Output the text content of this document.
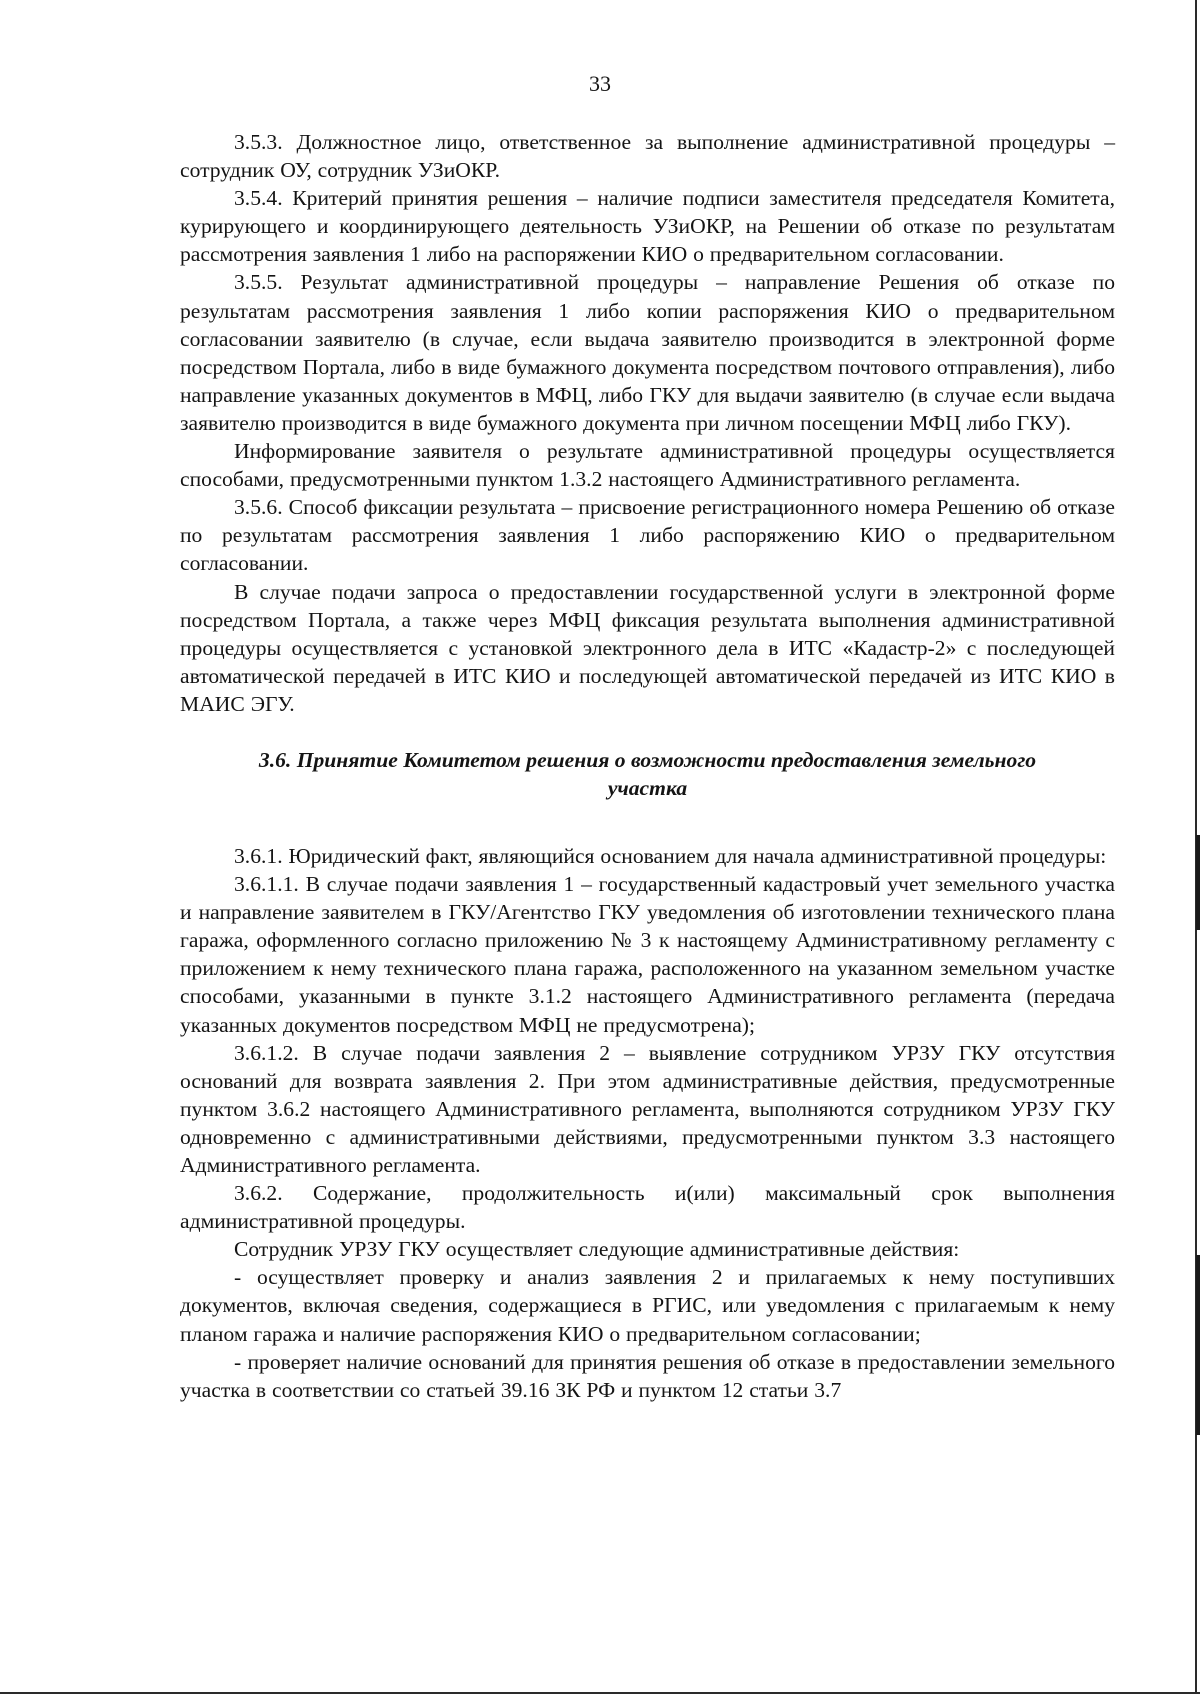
33

3.5.3. Должностное лицо, ответственное за выполнение административной процедуры – сотрудник ОУ, сотрудник УЗиОКР.

3.5.4. Критерий принятия решения – наличие подписи заместителя председателя Комитета, курирующего и координирующего деятельность УЗиОКР, на Решении об отказе по результатам рассмотрения заявления 1 либо на распоряжении КИО о предварительном согласовании.

3.5.5. Результат административной процедуры – направление Решения об отказе по результатам рассмотрения заявления 1 либо копии распоряжения КИО о предварительном согласовании заявителю (в случае, если выдача заявителю производится в электронной форме посредством Портала, либо в виде бумажного документа посредством почтового отправления), либо направление указанных документов в МФЦ, либо ГКУ для выдачи заявителю (в случае если выдача заявителю производится в виде бумажного документа при личном посещении МФЦ либо ГКУ).

Информирование заявителя о результате административной процедуры осуществляется способами, предусмотренными пунктом 1.3.2 настоящего Административного регламента.

3.5.6. Способ фиксации результата – присвоение регистрационного номера Решению об отказе по результатам рассмотрения заявления 1 либо распоряжению КИО о предварительном согласовании.

В случае подачи запроса о предоставлении государственной услуги в электронной форме посредством Портала, а также через МФЦ фиксация результата выполнения административной процедуры осуществляется с установкой электронного дела в ИТС «Кадастр-2» с последующей автоматической передачей в ИТС КИО и последующей автоматической передачей из ИТС КИО в МАИС ЭГУ.

3.6. Принятие Комитетом решения о возможности предоставления земельного
участка

3.6.1. Юридический факт, являющийся основанием для начала административной процедуры:

3.6.1.1. В случае подачи заявления 1 – государственный кадастровый учет земельного участка и направление заявителем в ГКУ/Агентство ГКУ уведомления об изготовлении технического плана гаража, оформленного согласно приложению № 3 к настоящему Административному регламенту с приложением к нему технического плана гаража, расположенного на указанном земельном участке способами, указанными в пункте 3.1.2 настоящего Административного регламента (передача указанных документов посредством МФЦ не предусмотрена);

3.6.1.2. В случае подачи заявления 2 – выявление сотрудником УРЗУ ГКУ отсутствия оснований для возврата заявления 2. При этом административные действия, предусмотренные пунктом 3.6.2 настоящего Административного регламента, выполняются сотрудником УРЗУ ГКУ одновременно с административными действиями, предусмотренными пунктом 3.3 настоящего Административного регламента.

3.6.2. Содержание, продолжительность и(или) максимальный срок выполнения административной процедуры.

Сотрудник УРЗУ ГКУ осуществляет следующие административные действия:

- осуществляет проверку и анализ заявления 2 и прилагаемых к нему поступивших документов, включая сведения, содержащиеся в РГИС, или уведомления с прилагаемым к нему планом гаража и наличие распоряжения КИО о предварительном согласовании;

- проверяет наличие оснований для принятия решения об отказе в предоставлении земельного участка в соответствии со статьей 39.16 ЗК РФ и пунктом 12 статьи 3.7
